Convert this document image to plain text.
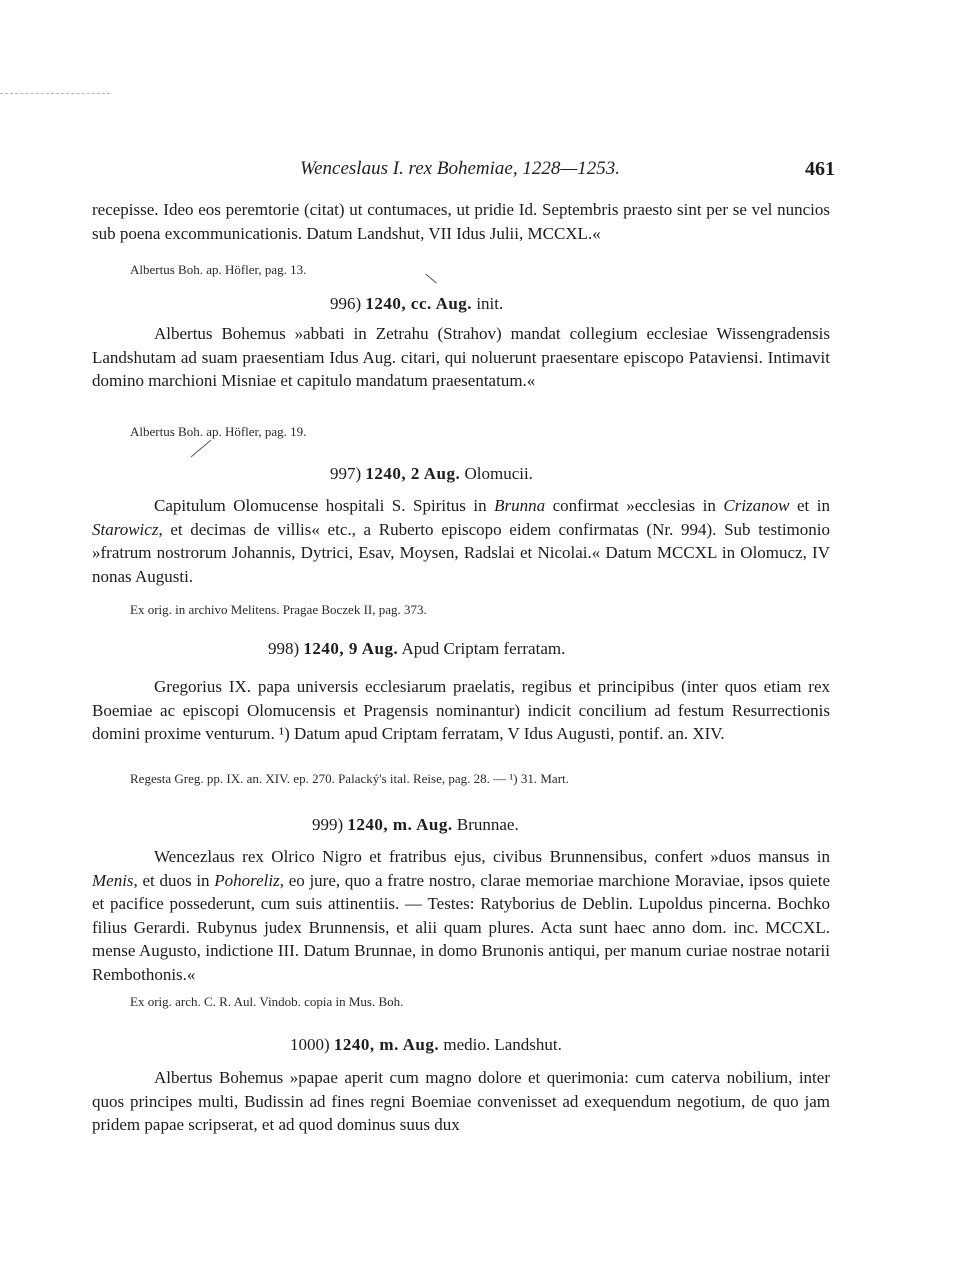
Wenceslaus I. rex Bohemiae, 1228—1253.	461
recepisse. Ideo eos peremtorie (citat) ut contumaces, ut pridie Id. Septembris praesto sint per se vel nuncios sub poena excommunicationis. Datum Landshut, VII Idus Julii, MCCXL.«
Albertus Boh. ap. Höfler, pag. 13.
996) 1240, cc. Aug. init.
Albertus Bohemus »abbati in Zetrahu (Strahov) mandat collegium ecclesiae Wissengradensis Landshutam ad suam praesentiam Idus Aug. citari, qui noluerunt praesentare episcopo Pataviensi. Intimavit domino marchioni Misniae et capitulo mandatum praesentatum.«
Albertus Boh. ap. Höfler, pag. 19.
997) 1240, 2 Aug. Olomucii.
Capitulum Olomucense hospitali S. Spiritus in Brunna confirmat »ecclesias in Crizanow et in Starowicz, et decimas de villis« etc., a Ruberto episcopo eidem confirmatas (Nr. 994). Sub testimonio »fratrum nostrorum Johannis, Dytrici, Esav, Moysen, Radslai et Nicolai.« Datum MCCXL in Olomucz, IV nonas Augusti.
Ex orig. in archivo Melitens. Pragae Boczek II, pag. 373.
998) 1240, 9 Aug. Apud Criptam ferratam.
Gregorius IX. papa universis ecclesiarum praelatis, regibus et principibus (inter quos etiam rex Boemiae ac episcopi Olomucensis et Pragensis nominantur) indicit concilium ad festum Resurrectionis domini proxime venturum. ¹) Datum apud Criptam ferratam, V Idus Augusti, pontif. an. XIV.
Regesta Greg. pp. IX. an. XIV. ep. 270. Palacký's ital. Reise, pag. 28. — ¹) 31. Mart.
999) 1240, m. Aug. Brunnae.
Wencezlaus rex Olrico Nigro et fratribus ejus, civibus Brunnensibus, confert »duos mansus in Menis, et duos in Pohoreliz, eo jure, quo a fratre nostro, clarae memoriae marchione Moraviae, ipsos quiete et pacifice possederunt, cum suis attinentiis. — Testes: Ratyborius de Deblin. Lupoldus pincerna. Bochko filius Gerardi. Rubynus judex Brunnensis, et alii quam plures. Acta sunt haec anno dom. inc. MCCXL. mense Augusto, indictione III. Datum Brunnae, in domo Brunonis antiqui, per manum curiae nostrae notarii Rembothonis.«
Ex orig. arch. C. R. Aul. Vindob. copia in Mus. Boh.
1000) 1240, m. Aug. medio. Landshut.
Albertus Bohemus »papae aperit cum magno dolore et querimonia: cum caterva nobilium, inter quos principes multi, Budissin ad fines regni Boemiae convenisset ad exequendum negotium, de quo jam pridem papae scripserat, et ad quod dominus suus dux
